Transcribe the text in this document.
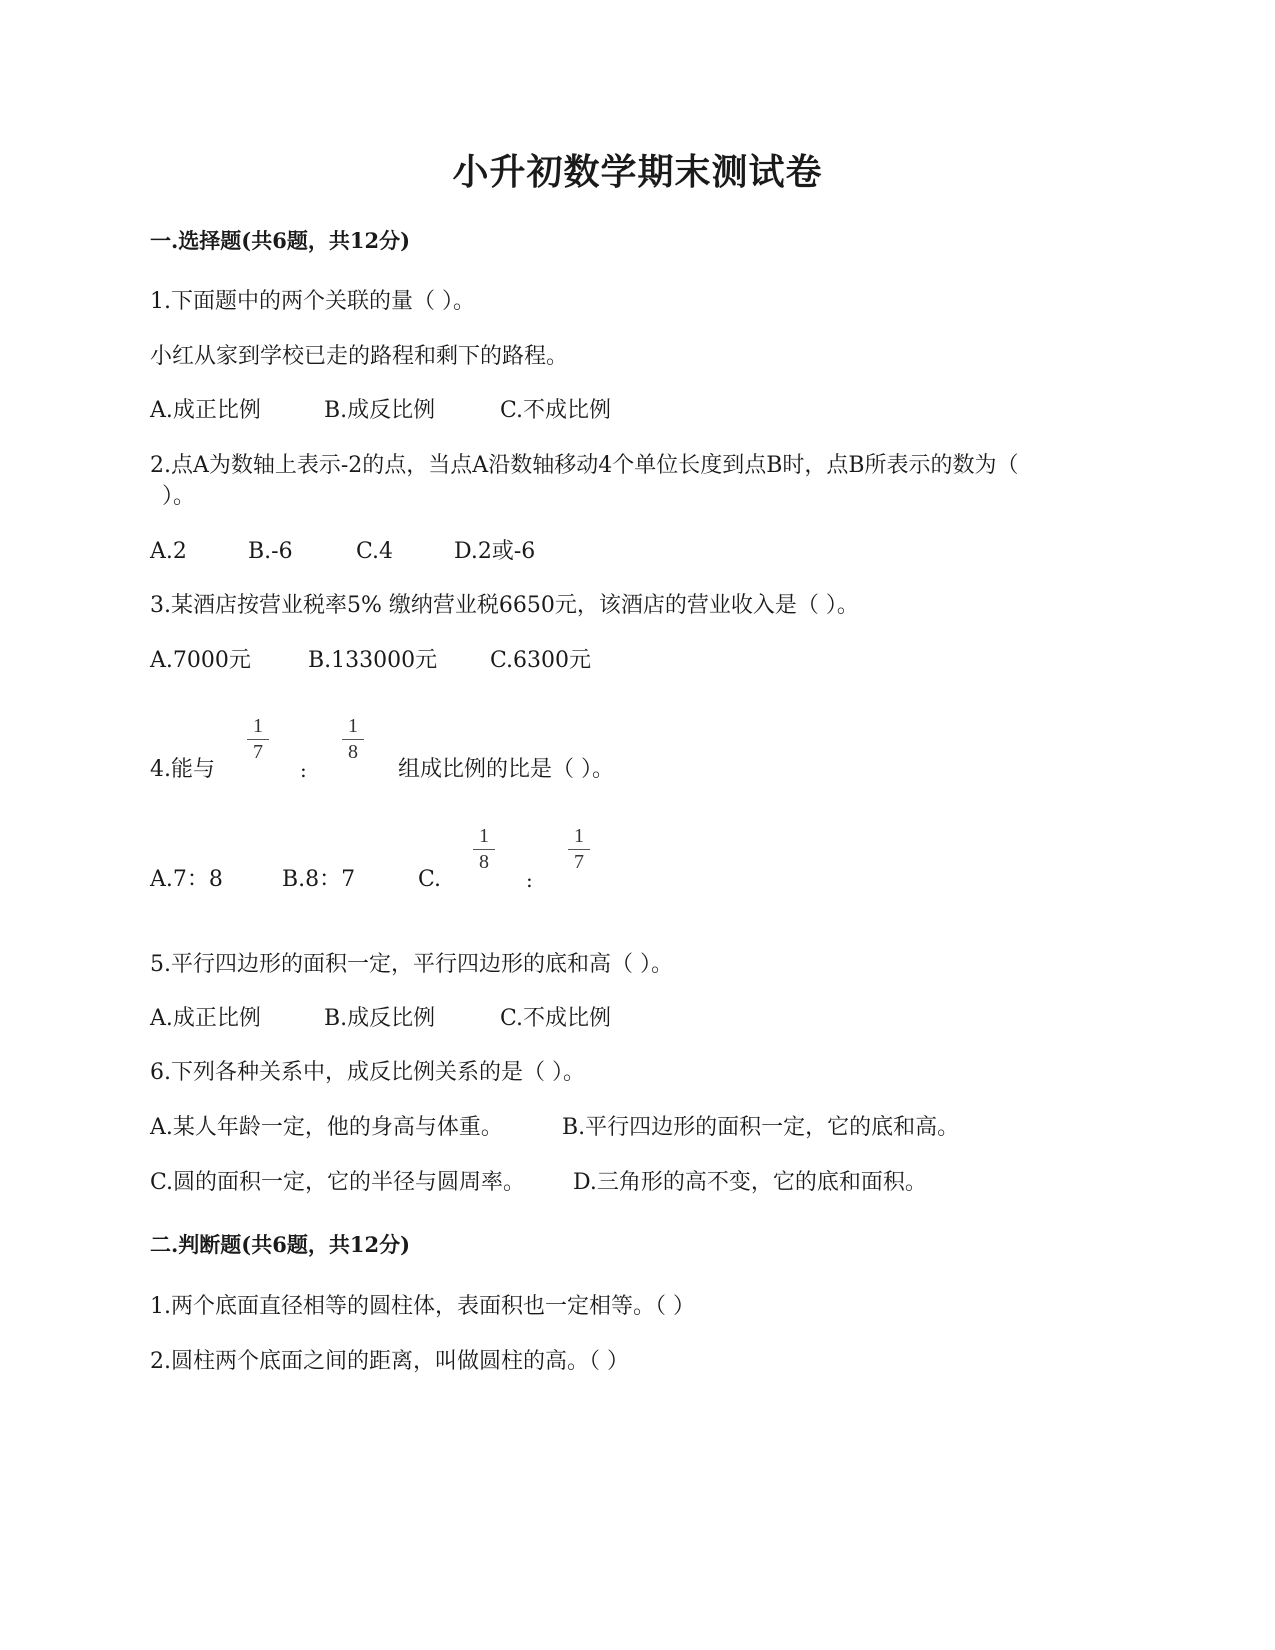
小升初数学期末测试卷
一.选择题(共6题，共12分)
1.下面题中的两个关联的量（ ）。
小红从家到学校已走的路程和剩下的路程。
A.成正比例	B.成反比例	C.不成比例
2.点A为数轴上表示-2的点，当点A沿数轴移动4个单位长度到点B时，点B所表示的数为（
）。
A.2	B.-6	C.4	D.2或-6
3.某酒店按营业税率5% 缴纳营业税6650元，该酒店的营业收入是（ ）。
A.7000元	B.133000元 C.6300元
4.能与
1
7
:
1
8
组成比例的比是（ ）。
A.7：8	B.8：7	C.
1
8
:
1
7
5.平行四边形的面积一定，平行四边形的底和高（ ）。
A.成正比例	B.成反比例	C.不成比例
6.下列各种关系中，成反比例关系的是（ ）。
A.某人年龄一定，他的身高与体重。	B.平行四边形的面积一定，它的底和高。
C.圆的面积一定，它的半径与圆周率。 D.三角形的高不变，它的底和面积。
二.判断题(共6题，共12分)
1.两个底面直径相等的圆柱体，表面积也一定相等。（ ）
2.圆柱两个底面之间的距离，叫做圆柱的高。（ ）
